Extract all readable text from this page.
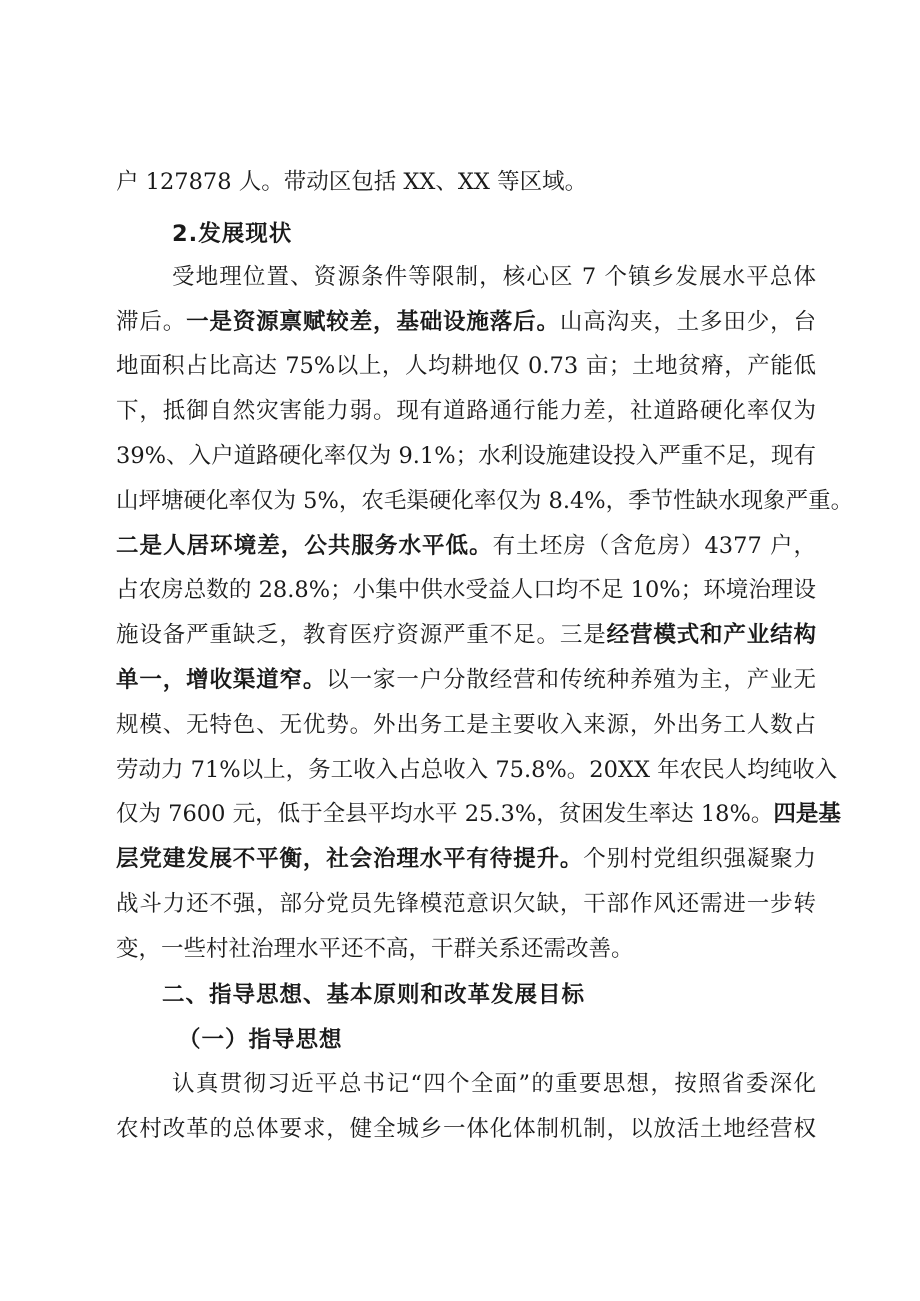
户 127878 人。带动区包括 XX、XX 等区域。
2.发展现状
受地理位置、资源条件等限制，核心区 7 个镇乡发展水平总体
滞后。一是资源禀赋较差，基础设施落后。山高沟夹，土多田少，台
地面积占比高达 75%以上，人均耕地仅 0.73 亩；土地贫瘠，产能低
下，抵御自然灾害能力弱。现有道路通行能力差，社道路硬化率仅为
39%、入户道路硬化率仅为 9.1%；水利设施建设投入严重不足，现有
山坪塘硬化率仅为 5%，农毛渠硬化率仅为 8.4%，季节性缺水现象严重。
二是人居环境差，公共服务水平低。有土坯房（含危房）4377 户，
占农房总数的 28.8%；小集中供水受益人口均不足 10%；环境治理设
施设备严重缺乏，教育医疗资源严重不足。三是经营模式和产业结构
单一，增收渠道窄。以一家一户分散经营和传统种养殖为主，产业无
规模、无特色、无优势。外出务工是主要收入来源，外出务工人数占
劳动力 71%以上，务工收入占总收入 75.8%。20XX 年农民人均纯收入
仅为 7600 元，低于全县平均水平 25.3%，贫困发生率达 18%。四是基
层党建发展不平衡，社会治理水平有待提升。个别村党组织强凝聚力
战斗力还不强，部分党员先锋模范意识欠缺，干部作风还需进一步转
变，一些村社治理水平还不高，干群关系还需改善。
二、指导思想、基本原则和改革发展目标
（一）指导思想
认真贯彻习近平总书记“四个全面”的重要思想，按照省委深化
农村改革的总体要求，健全城乡一体化体制机制，以放活土地经营权
